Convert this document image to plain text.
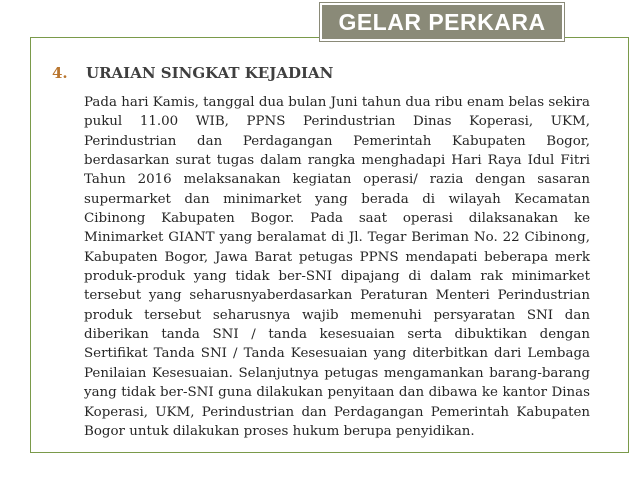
GELAR PERKARA
4. URAIAN SINGKAT KEJADIAN

Pada hari Kamis, tanggal dua bulan Juni tahun dua ribu enam belas sekira pukul 11.00 WIB, PPNS Perindustrian Dinas Koperasi, UKM, Perindustrian dan Perdagangan Pemerintah Kabupaten Bogor, berdasarkan surat tugas dalam rangka menghadapi Hari Raya Idul Fitri Tahun 2016 melaksanakan kegiatan operasi/ razia dengan sasaran supermarket dan minimarket yang berada di wilayah Kecamatan Cibinong Kabupaten Bogor. Pada saat operasi dilaksanakan ke Minimarket GIANT yang beralamat di Jl. Tegar Beriman No. 22 Cibinong, Kabupaten Bogor, Jawa Barat petugas PPNS mendapati beberapa merk produk-produk yang tidak ber-SNI dipajang di dalam rak minimarket tersebut yang seharusnyaberdasarkan Peraturan Menteri Perindustrian produk tersebut seharusnya wajib memenuhi persyaratan SNI dan diberikan tanda SNI / tanda kesesuaian serta dibuktikan dengan Sertifikat Tanda SNI / Tanda Kesesuaian yang diterbitkan dari Lembaga Penilaian Kesesuaian. Selanjutnya petugas mengamankan barang-barang yang tidak ber-SNI guna dilakukan penyitaan dan dibawa ke kantor Dinas Koperasi, UKM, Perindustrian dan Perdagangan Pemerintah Kabupaten Bogor untuk dilakukan proses hukum berupa penyidikan.
